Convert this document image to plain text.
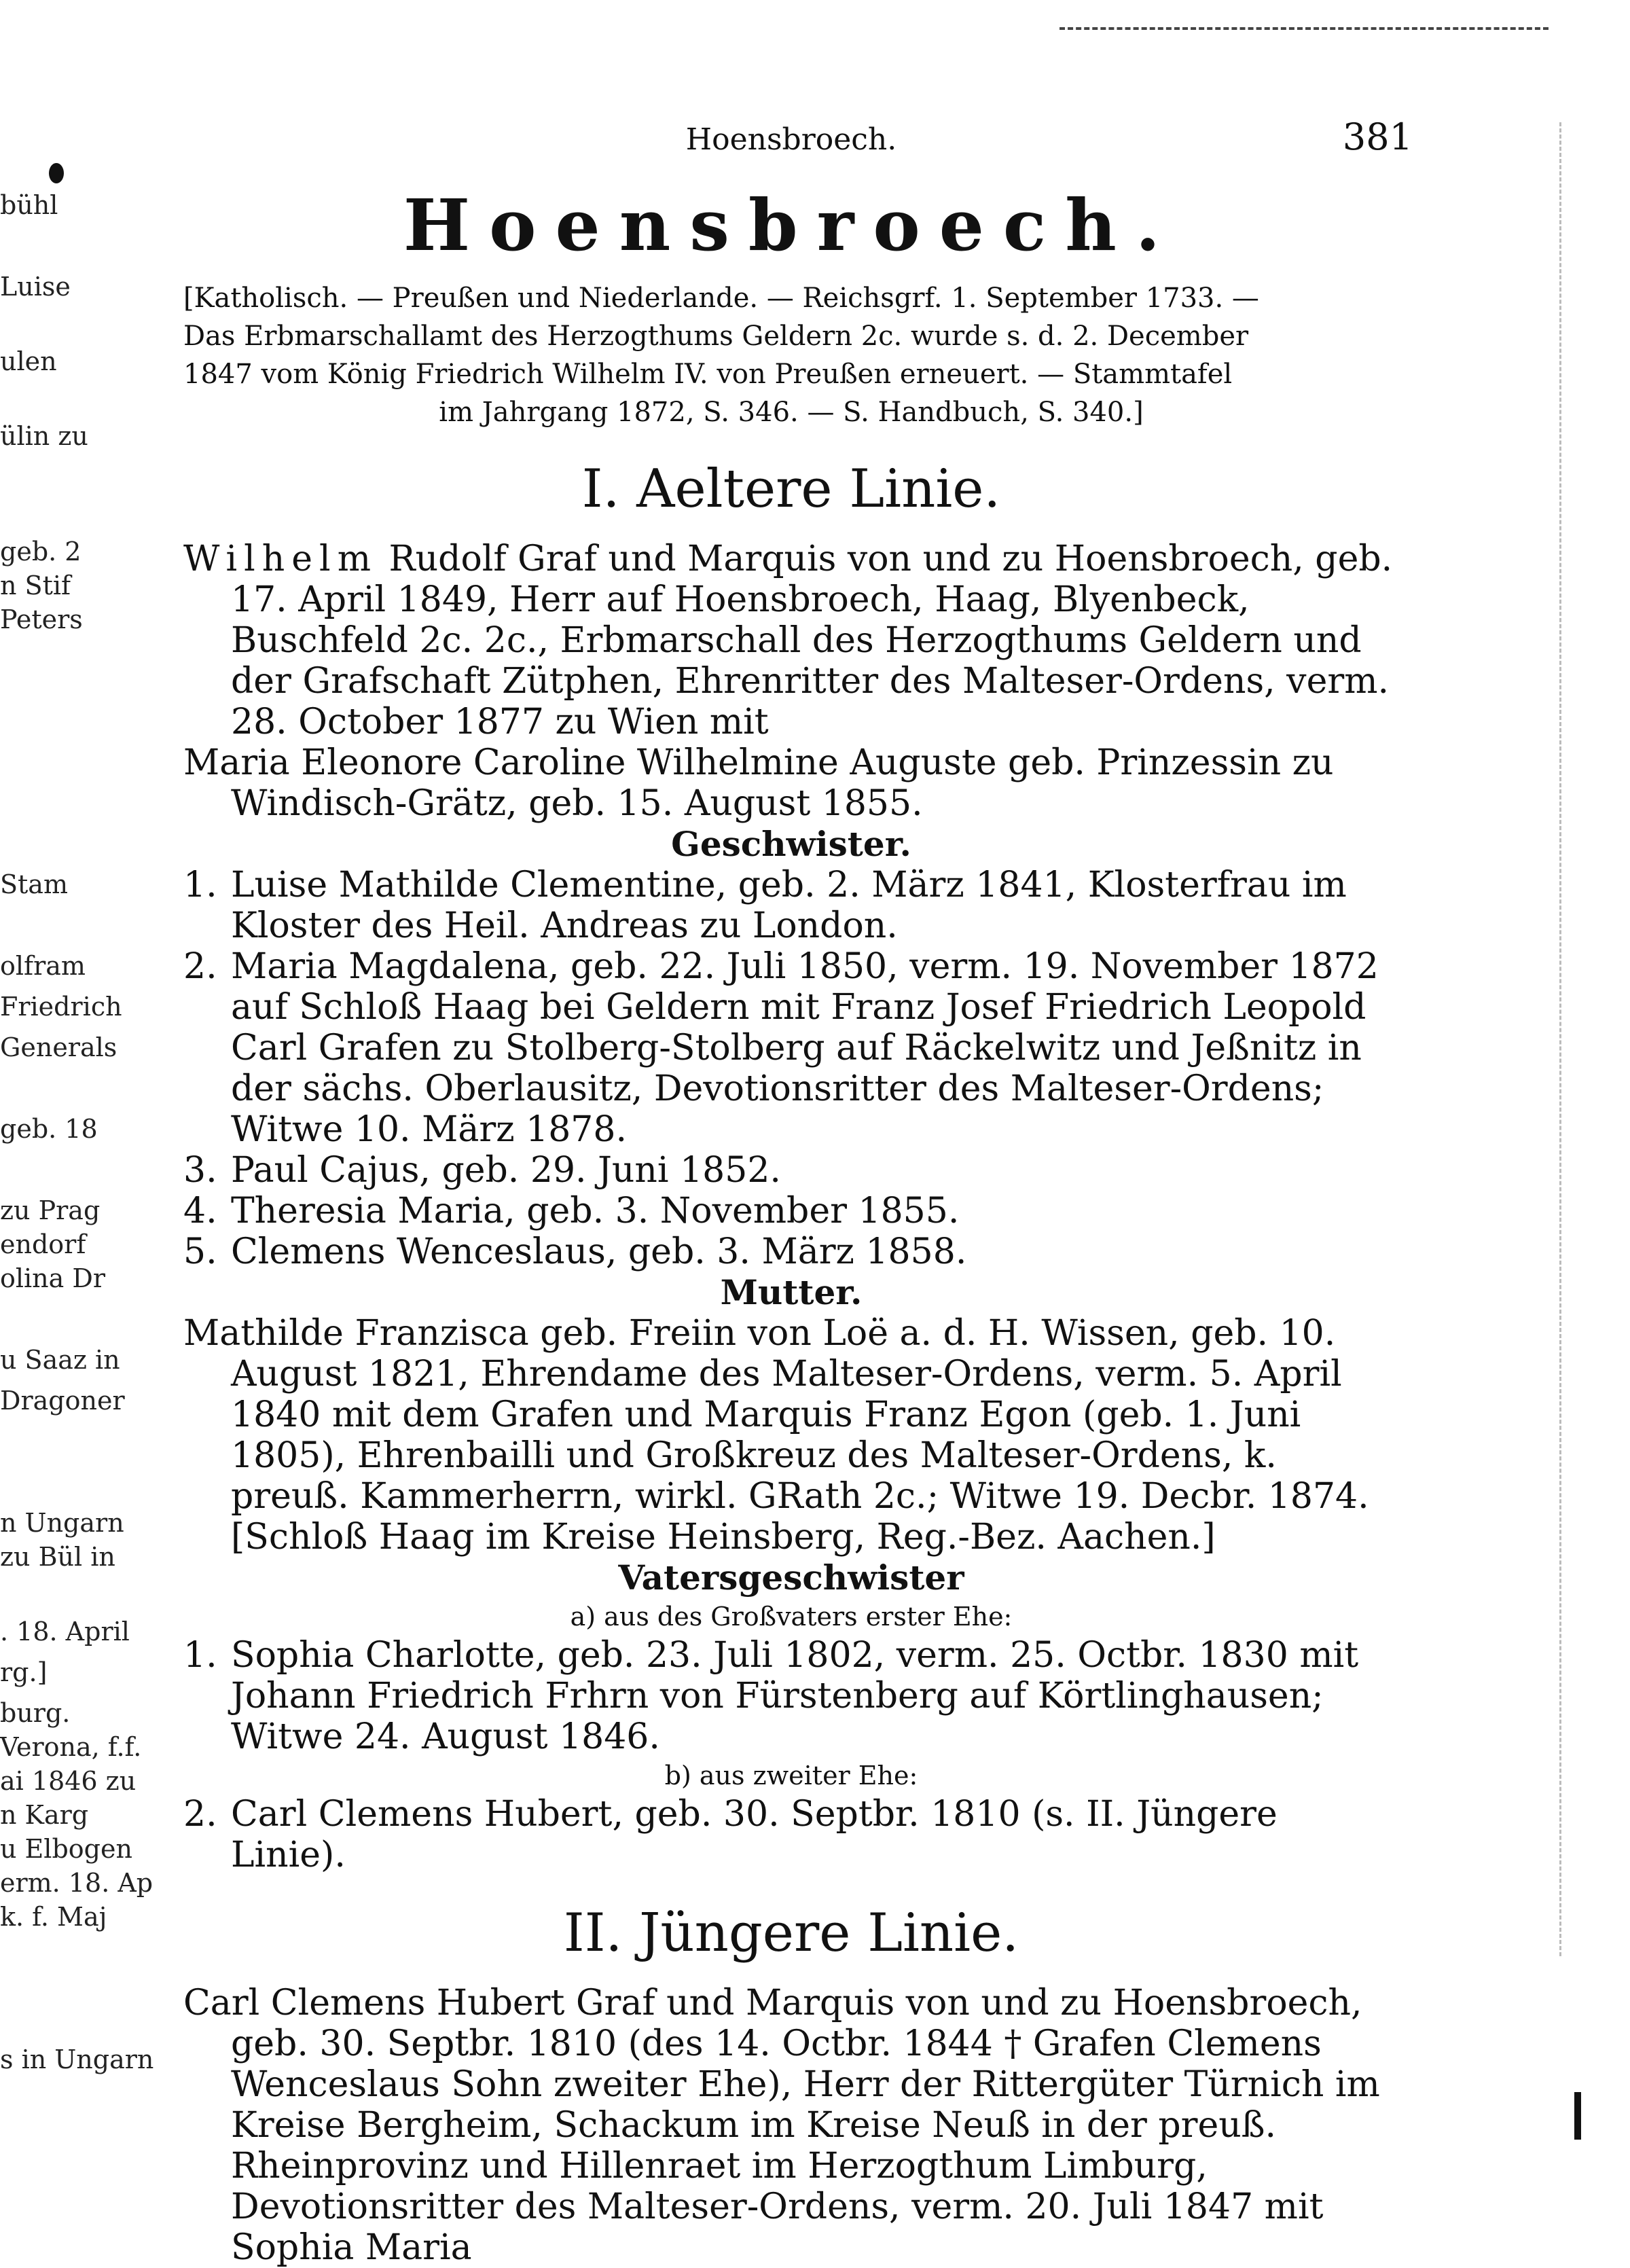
bühl
Luise
ulen
ülin zu
geb. 2
n Stif
Peters
Stam
olfram
Friedrich
Generals
geb. 18
zu Prag
endorf
olina Dr
u Saaz in
Dragoner
n Ungarn
zu Bül in
. 18. April
rg.]
burg.
Verona, f.f.
ai 1846 zu
n Karg
u Elbogen
erm. 18. Ap
k. f. Maj
s in Ungarn
Hoensbroech.	381
Hoensbroech.
[Katholisch. — Preußen und Niederlande. — Reichsgrf. 1. September 1733. —
Das Erbmarschallamt des Herzogthums Geldern 2c. wurde s. d. 2. December
1847 vom König Friedrich Wilhelm IV. von Preußen erneuert. — Stammtafel
im Jahrgang 1872, S. 346. — S. Handbuch, S. 340.]
I. Aeltere Linie.

Wilhelm Rudolf Graf und Marquis von und zu Hoensbroech, geb. 17. April 1849, Herr auf Hoensbroech, Haag, Blyenbeck, Buschfeld 2c. 2c., Erbmarschall des Herzogthums Geldern und der Grafschaft Zütphen, Ehrenritter des Malteser-Ordens, verm. 28. October 1877 zu Wien mit

Maria Eleonore Caroline Wilhelmine Auguste geb. Prinzessin zu Windisch-Grätz, geb. 15. August 1855.

Geschwister.

1. Luise Mathilde Clementine, geb. 2. März 1841, Klosterfrau im Kloster des Heil. Andreas zu London.
2. Maria Magdalena, geb. 22. Juli 1850, verm. 19. November 1872 auf Schloß Haag bei Geldern mit Franz Josef Friedrich Leopold Carl Grafen zu Stolberg-Stolberg auf Räckelwitz und Jeßnitz in der sächs. Oberlausitz, Devotionsritter des Malteser-Ordens; Witwe 10. März 1878.
3. Paul Cajus, geb. 29. Juni 1852.
4. Theresia Maria, geb. 3. November 1855.
5. Clemens Wenceslaus, geb. 3. März 1858.

Mutter.

Mathilde Franzisca geb. Freiin von Loë a. d. H. Wissen, geb. 10. August 1821, Ehrendame des Malteser-Ordens, verm. 5. April 1840 mit dem Grafen und Marquis Franz Egon (geb. 1. Juni 1805), Ehrenbailli und Großkreuz des Malteser-Ordens, k. preuß. Kammerherrn, wirkl. GRath 2c.; Witwe 19. Decbr. 1874. [Schloß Haag im Kreise Heinsberg, Reg.-Bez. Aachen.]

Vatersgeschwister

a) aus des Großvaters erster Ehe:

1. Sophia Charlotte, geb. 23. Juli 1802, verm. 25. Octbr. 1830 mit Johann Friedrich Frhrn von Fürstenberg auf Körtlinghausen; Witwe 24. August 1846.

b) aus zweiter Ehe:

2. Carl Clemens Hubert, geb. 30. Septbr. 1810 (s. II. Jüngere Linie).
II. Jüngere Linie.

Carl Clemens Hubert Graf und Marquis von und zu Hoensbroech, geb. 30. Septbr. 1810 (des 14. Octbr. 1844 † Grafen Clemens Wenceslaus Sohn zweiter Ehe), Herr der Rittergüter Türnich im Kreise Bergheim, Schackum im Kreise Neuß in der preuß. Rheinprovinz und Hillenraet im Herzogthum Limburg, Devotionsritter des Malteser-Ordens, verm. 20. Juli 1847 mit Sophia Maria
